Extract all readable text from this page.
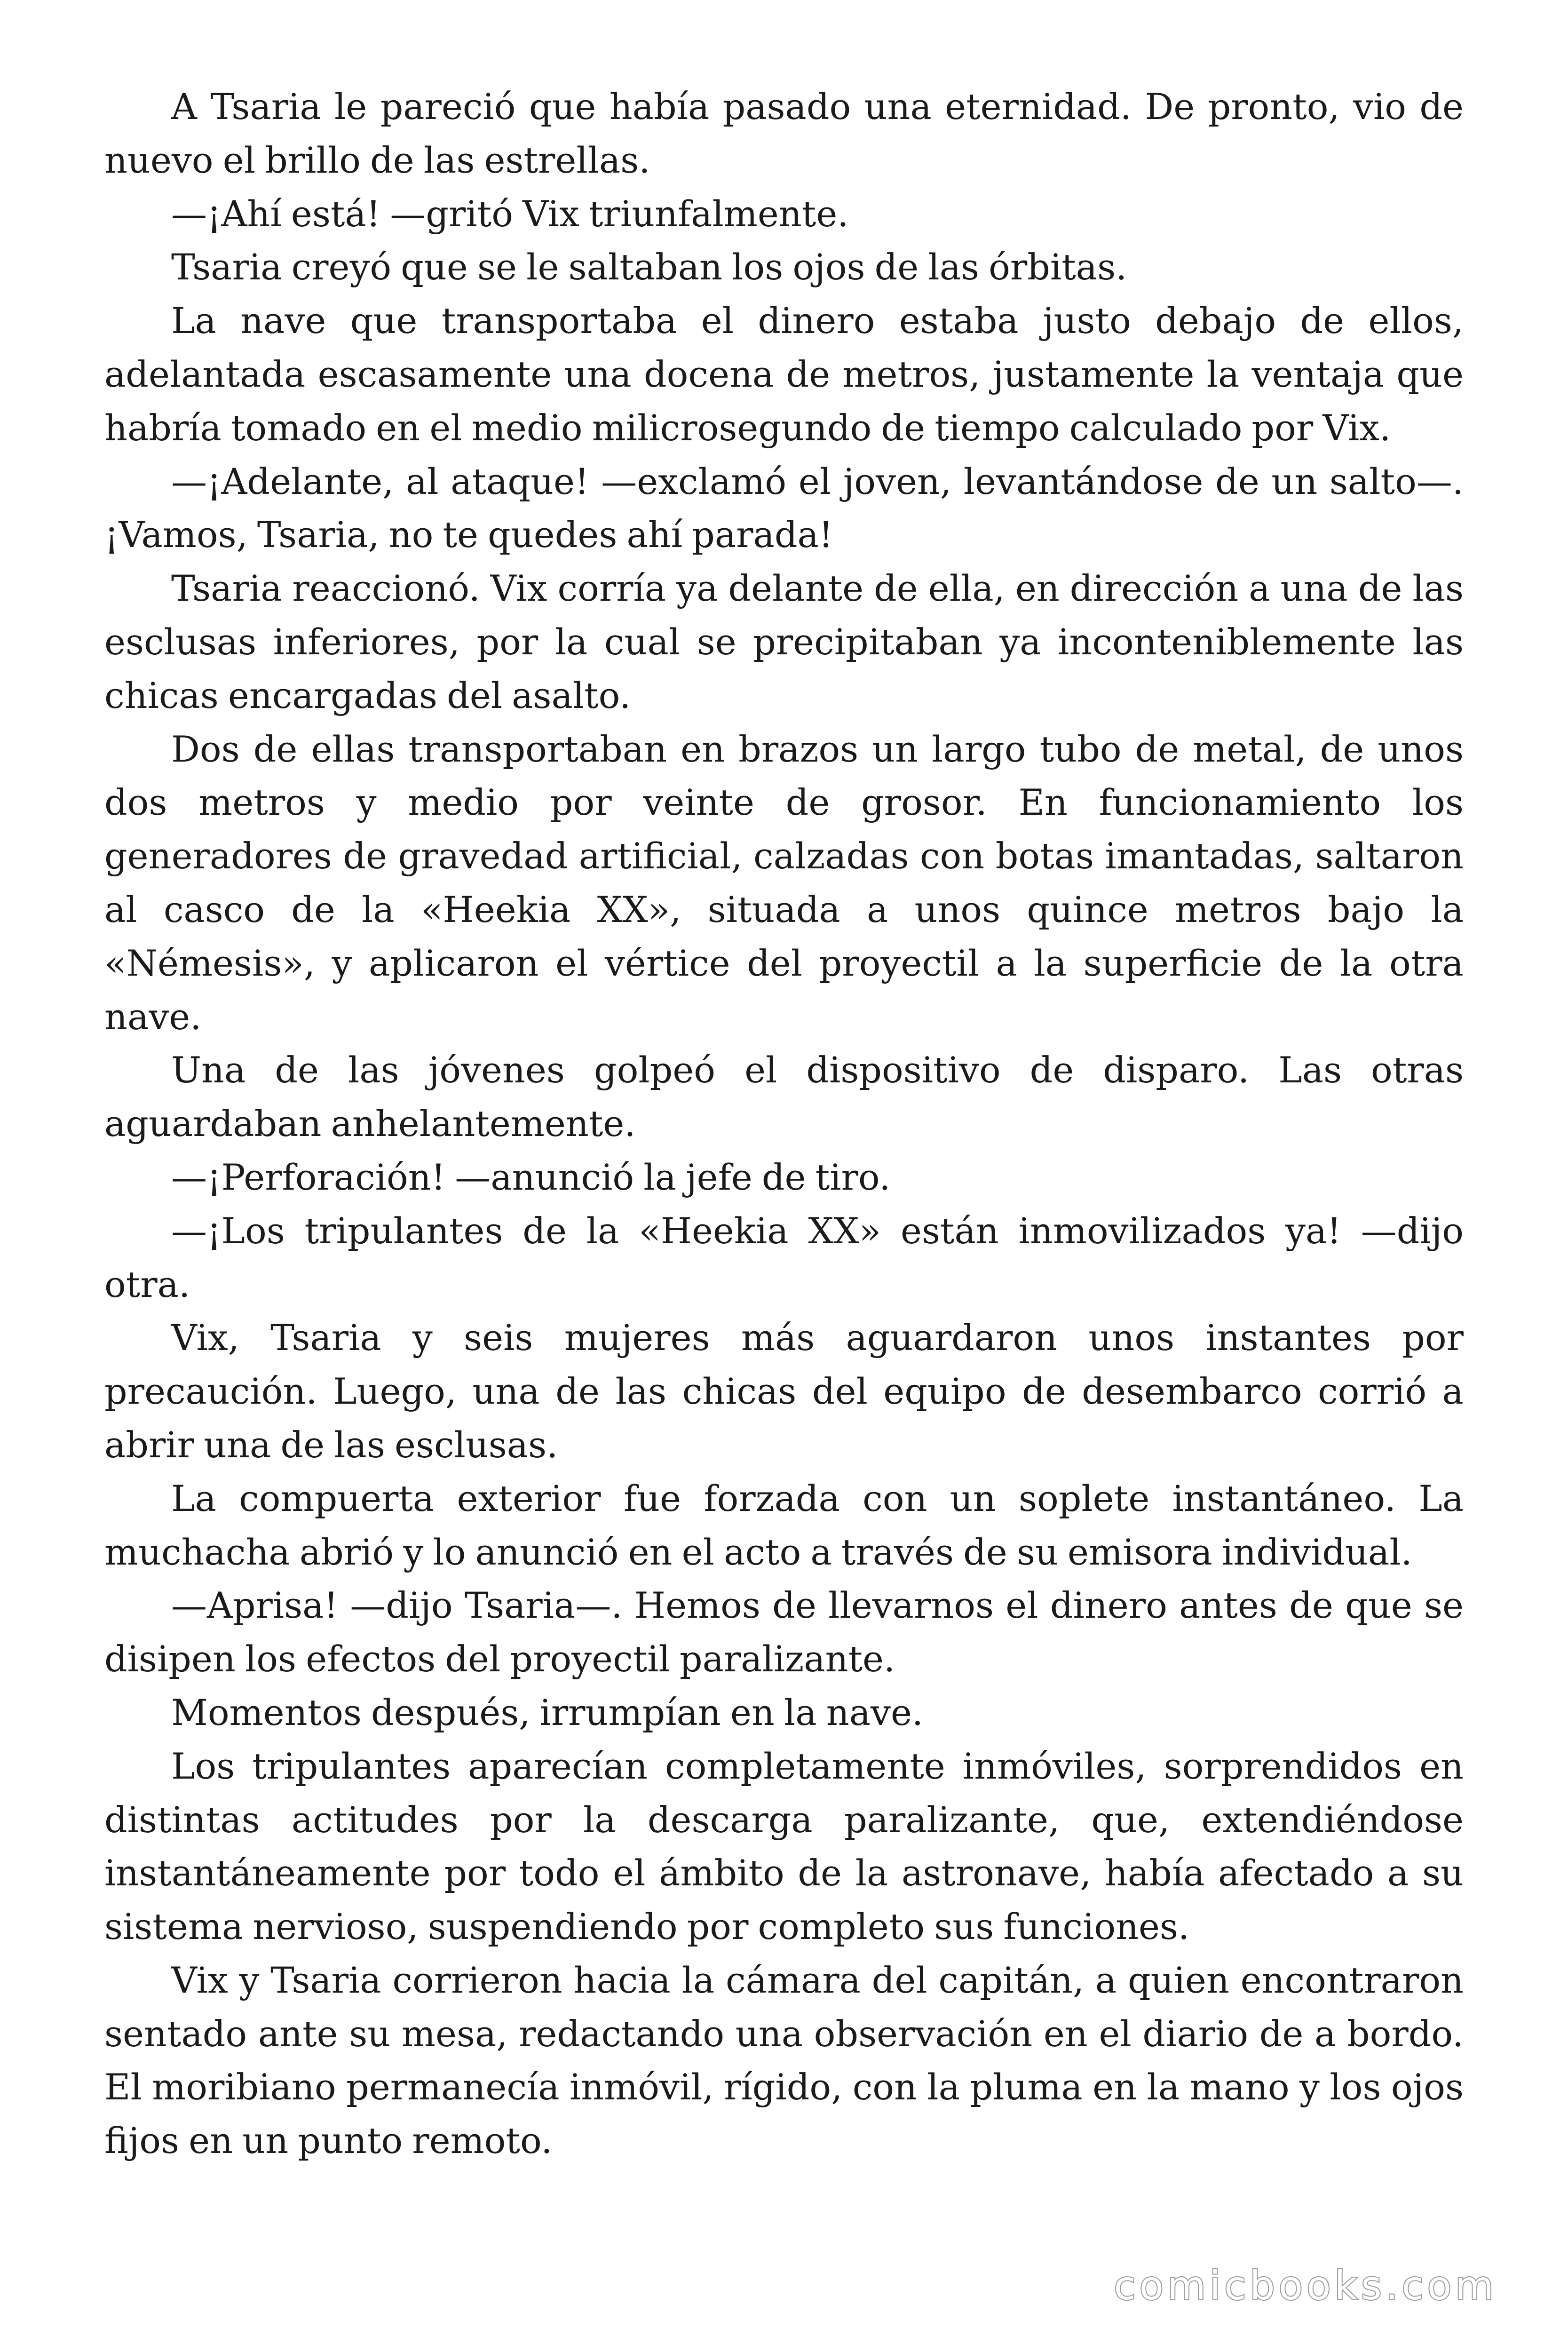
A Tsaria le pareció que había pasado una eternidad. De pronto, vio de nuevo el brillo de las estrellas.

—¡Ahí está! —gritó Vix triunfalmente.

Tsaria creyó que se le saltaban los ojos de las órbitas.

La nave que transportaba el dinero estaba justo debajo de ellos, adelantada escasamente una docena de metros, justamente la ventaja que habría tomado en el medio milicrosegundo de tiempo calculado por Vix.

—¡Adelante, al ataque! —exclamó el joven, levantándose de un salto—. ¡Vamos, Tsaria, no te quedes ahí parada!

Tsaria reaccionó. Vix corría ya delante de ella, en dirección a una de las esclusas inferiores, por la cual se precipitaban ya inconteniblemente las chicas encargadas del asalto.

Dos de ellas transportaban en brazos un largo tubo de metal, de unos dos metros y medio por veinte de grosor. En funcionamiento los generadores de gravedad artificial, calzadas con botas imantadas, saltaron al casco de la «Heekia XX», situada a unos quince metros bajo la «Némesis», y aplicaron el vértice del proyectil a la superficie de la otra nave.

Una de las jóvenes golpeó el dispositivo de disparo. Las otras aguardaban anhelantemente.

—¡Perforación! —anunció la jefe de tiro.

—¡Los tripulantes de la «Heekia XX» están inmovilizados ya! —dijo otra.

Vix, Tsaria y seis mujeres más aguardaron unos instantes por precaución. Luego, una de las chicas del equipo de desembarco corrió a abrir una de las esclusas.

La compuerta exterior fue forzada con un soplete instantáneo. La muchacha abrió y lo anunció en el acto a través de su emisora individual.

—Aprisa! —dijo Tsaria—. Hemos de llevarnos el dinero antes de que se disipen los efectos del proyectil paralizante.

Momentos después, irrumpían en la nave.

Los tripulantes aparecían completamente inmóviles, sorprendidos en distintas actitudes por la descarga paralizante, que, extendiéndose instantáneamente por todo el ámbito de la astronave, había afectado a su sistema nervioso, suspendiendo por completo sus funciones.

Vix y Tsaria corrieron hacia la cámara del capitán, a quien encontraron sentado ante su mesa, redactando una observación en el diario de a bordo. El moribiano permanecía inmóvil, rígido, con la pluma en la mano y los ojos fijos en un punto remoto.

comicbooks.com
